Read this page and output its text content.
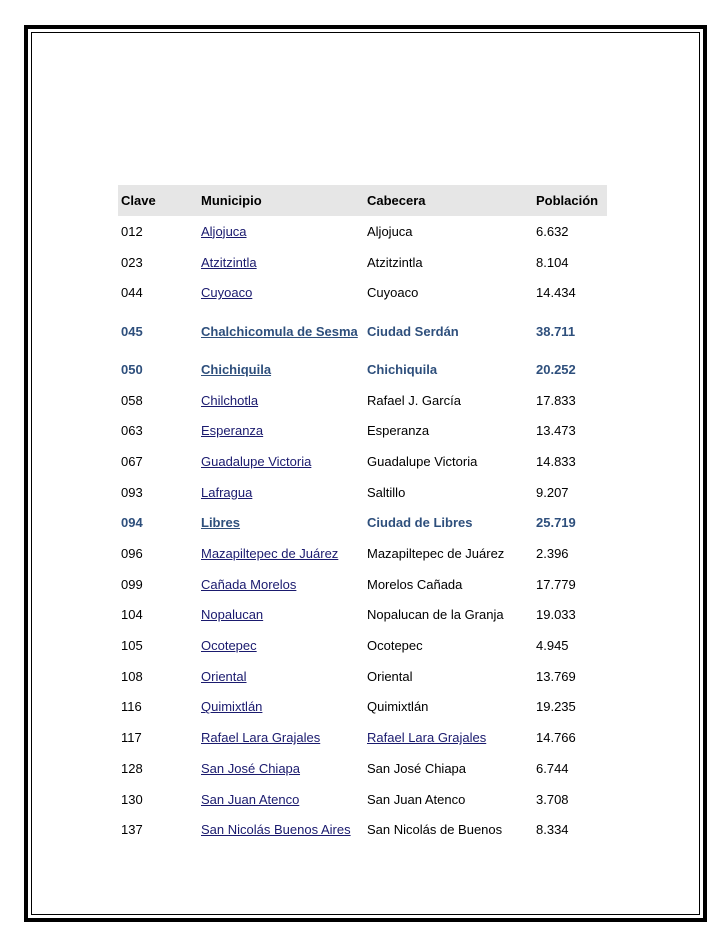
Clave	Municipio	Cabecera	Población
012	Aljojuca	Aljojuca	6.632
023	Atzitzintla	Atzitzintla	8.104
044	Cuyoaco	Cuyoaco	14.434
045	Chalchicomula de Sesma	Ciudad Serdán	38.711
050	Chichiquila	Chichiquila	20.252
058	Chilchotla	Rafael J. García	17.833
063	Esperanza	Esperanza	13.473
067	Guadalupe Victoria	Guadalupe Victoria	14.833
093	Lafragua	Saltillo	9.207
094	Libres	Ciudad de Libres	25.719
096	Mazapiltepec de Juárez	Mazapiltepec de Juárez	2.396
099	Cañada Morelos	Morelos Cañada	17.779
104	Nopalucan	Nopalucan de la Granja	19.033
105	Ocotepec	Ocotepec	4.945
108	Oriental	Oriental	13.769
116	Quimixtlán	Quimixtlán	19.235
117	Rafael Lara Grajales	Rafael Lara Grajales	14.766
128	San José Chiapa	San José Chiapa	6.744
130	San Juan Atenco	San Juan Atenco	3.708
137	San Nicolás Buenos Aires	San Nicolás de Buenos	8.334
